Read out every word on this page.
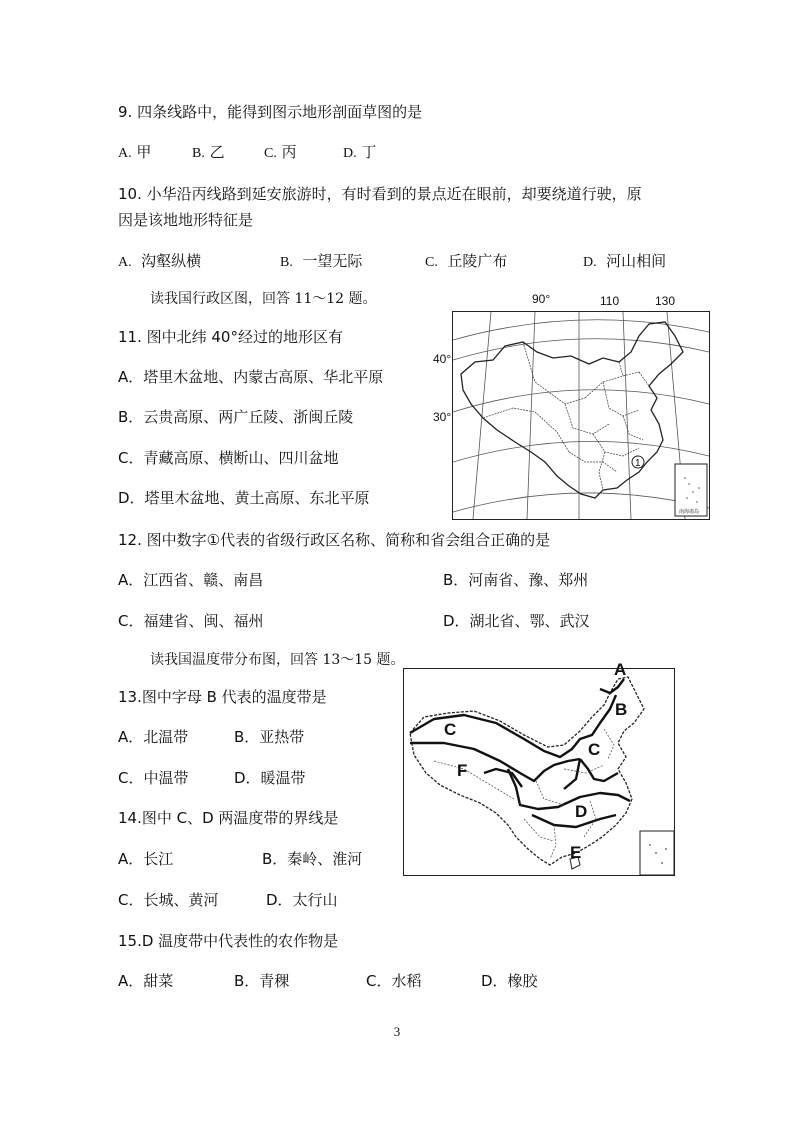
9. 四条线路中，能得到图示地形剖面草图的是
A. 甲	B. 乙	C. 丙	D. 丁
10. 小华沿丙线路到延安旅游时，有时看到的景点近在眼前，却要绕道行驶，原
因是该地地形特征是
A. 沟壑纵横	B. 一望无际	C. 丘陵广布	D. 河山相间
读我国行政区图，回答 11～12 题。	90°	110	130
40°
30°
1
南海诸岛
11. 图中北纬 40°经过的地形区有
A．塔里木盆地、内蒙古高原、华北平原
B．云贵高原、两广丘陵、浙闽丘陵
C．青藏高原、横断山、四川盆地
D．塔里木盆地、黄土高原、东北平原
12. 图中数字①代表的省级行政区名称、简称和省会组合正确的是
A．江西省、赣、南昌	B．河南省、豫、郑州
C．福建省、闽、福州	D．湖北省、鄂、武汉
读我国温度带分布图，回答 13～15 题。	A
B
C
F
C
D
E
13.图中字母 B 代表的温度带是
A．北温带	B．亚热带
C．中温带	D．暖温带
14.图中 C、D 两温度带的界线是
A．长江	B．秦岭、淮河
C．长城、黄河	D．太行山
15.D 温度带中代表性的农作物是
A．甜菜	B．青稞	C．水稻	D．橡胶
3
